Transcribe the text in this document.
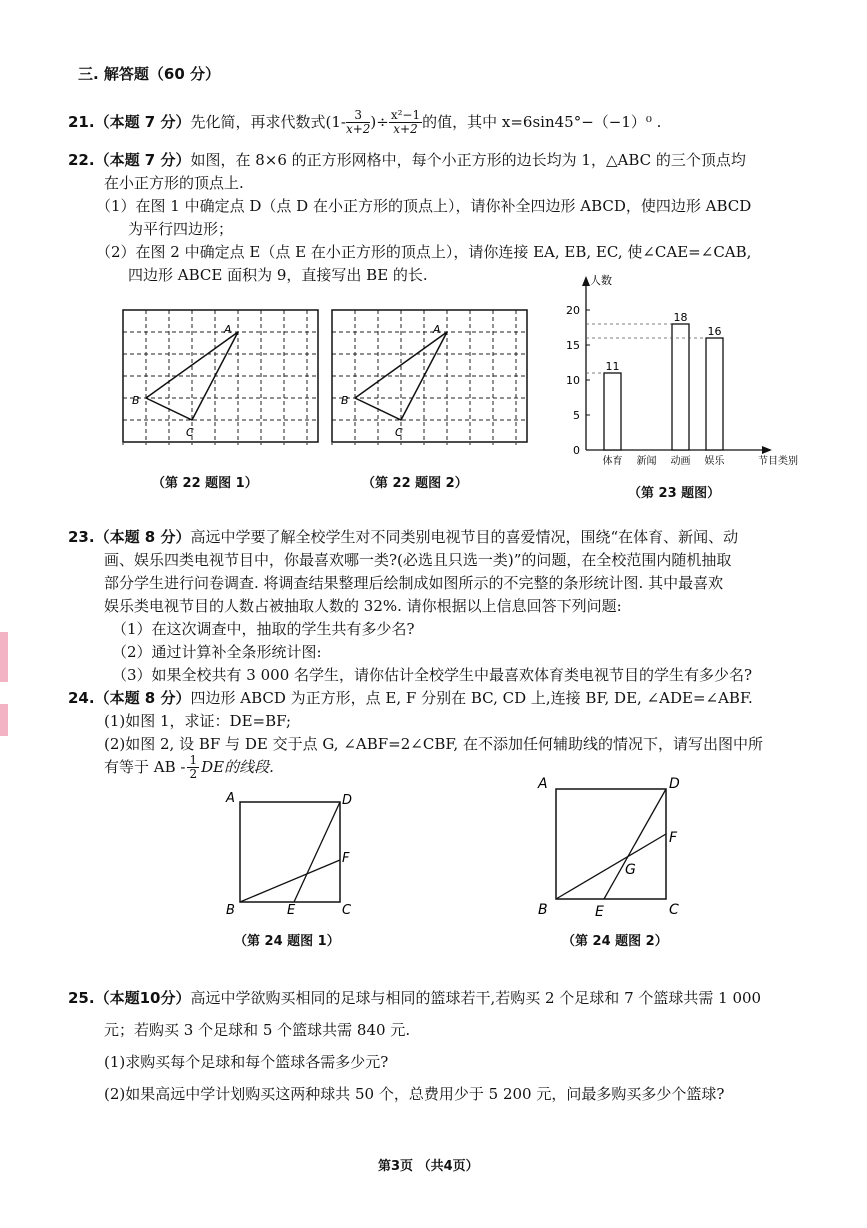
三. 解答题（60 分）
21.（本题 7 分） 先化简，再求代数式 ($1- \frac{3}{x+2}$ )÷ $\frac{\text{x²−1}}{x+2}$ 的值，其中 x=6sin45°−（−1）⁰ .
22.（本题 7 分）如图，在 8×6 的正方形网格中，每个小正方形的边长均为 1，△ABC 的三个顶点均
在小正方形的顶点上.
（1）在图 1 中确定点 D（点 D 在小正方形的顶点上），请你补全四边形 ABCD，使四边形 ABCD
为平行四边形；
（2）在图 2 中确定点 E（点 E 在小正方形的顶点上），请你连接 EA, EB, EC, 使∠CAE=∠CAB,
四边形 ABCE 面积为 9，直接写出 BE 的长.
A
B
C
（第 22 题图 1）
A
B
C
（第 22 题图 2）
人数
节目类别
0
5
10
15
20
11
体育 新闻
18
动画
16
娱乐
（第 23 题图）
23.（本题 8 分）高远中学要了解全校学生对不同类别电视节目的喜爱情况，围绕“在体育、新闻、动
画、娱乐四类电视节目中，你最喜欢哪一类?(必选且只选一类)”的问题，在全校范围内随机抽取
部分学生进行问卷调查. 将调查结果整理后绘制成如图所示的不完整的条形统计图. 其中最喜欢
娱乐类电视节目的人数占被抽取人数的 32%. 请你根据以上信息回答下列问题:
（1）在这次调查中，抽取的学生共有多少名?
（2）通过计算补全条形统计图:
（3）如果全校共有 3 000 名学生，请你估计全校学生中最喜欢体育类电视节目的学生有多少名?
24.（本题 8 分）四边形 ABCD 为正方形，点 E, F 分别在 BC, CD 上,连接 BF, DE, ∠ADE=∠ABF.
(1)如图 1，求证：DE=BF;
(2)如图 2, 设 BF 与 DE 交于点 G, ∠ABF=2∠CBF, 在不添加任何辅助线的情况下，请写出图中所
有等于 AB - $\frac{1}{2}$ DE的线段.
A	D
B	C
E
F
（第 24 题图 1）
A	D
B	C
E
F
G
（第 24 题图 2）
25.（本题10分）高远中学欲购买相同的足球与相同的篮球若干,若购买 2 个足球和 7 个篮球共需 1 000
元；若购买 3 个足球和 5 个篮球共需 840 元.
(1)求购买每个足球和每个篮球各需多少元?
(2)如果高远中学计划购买这两种球共 50 个，总费用少于 5 200 元，问最多购买多少个篮球?
第3页 （共4页）
